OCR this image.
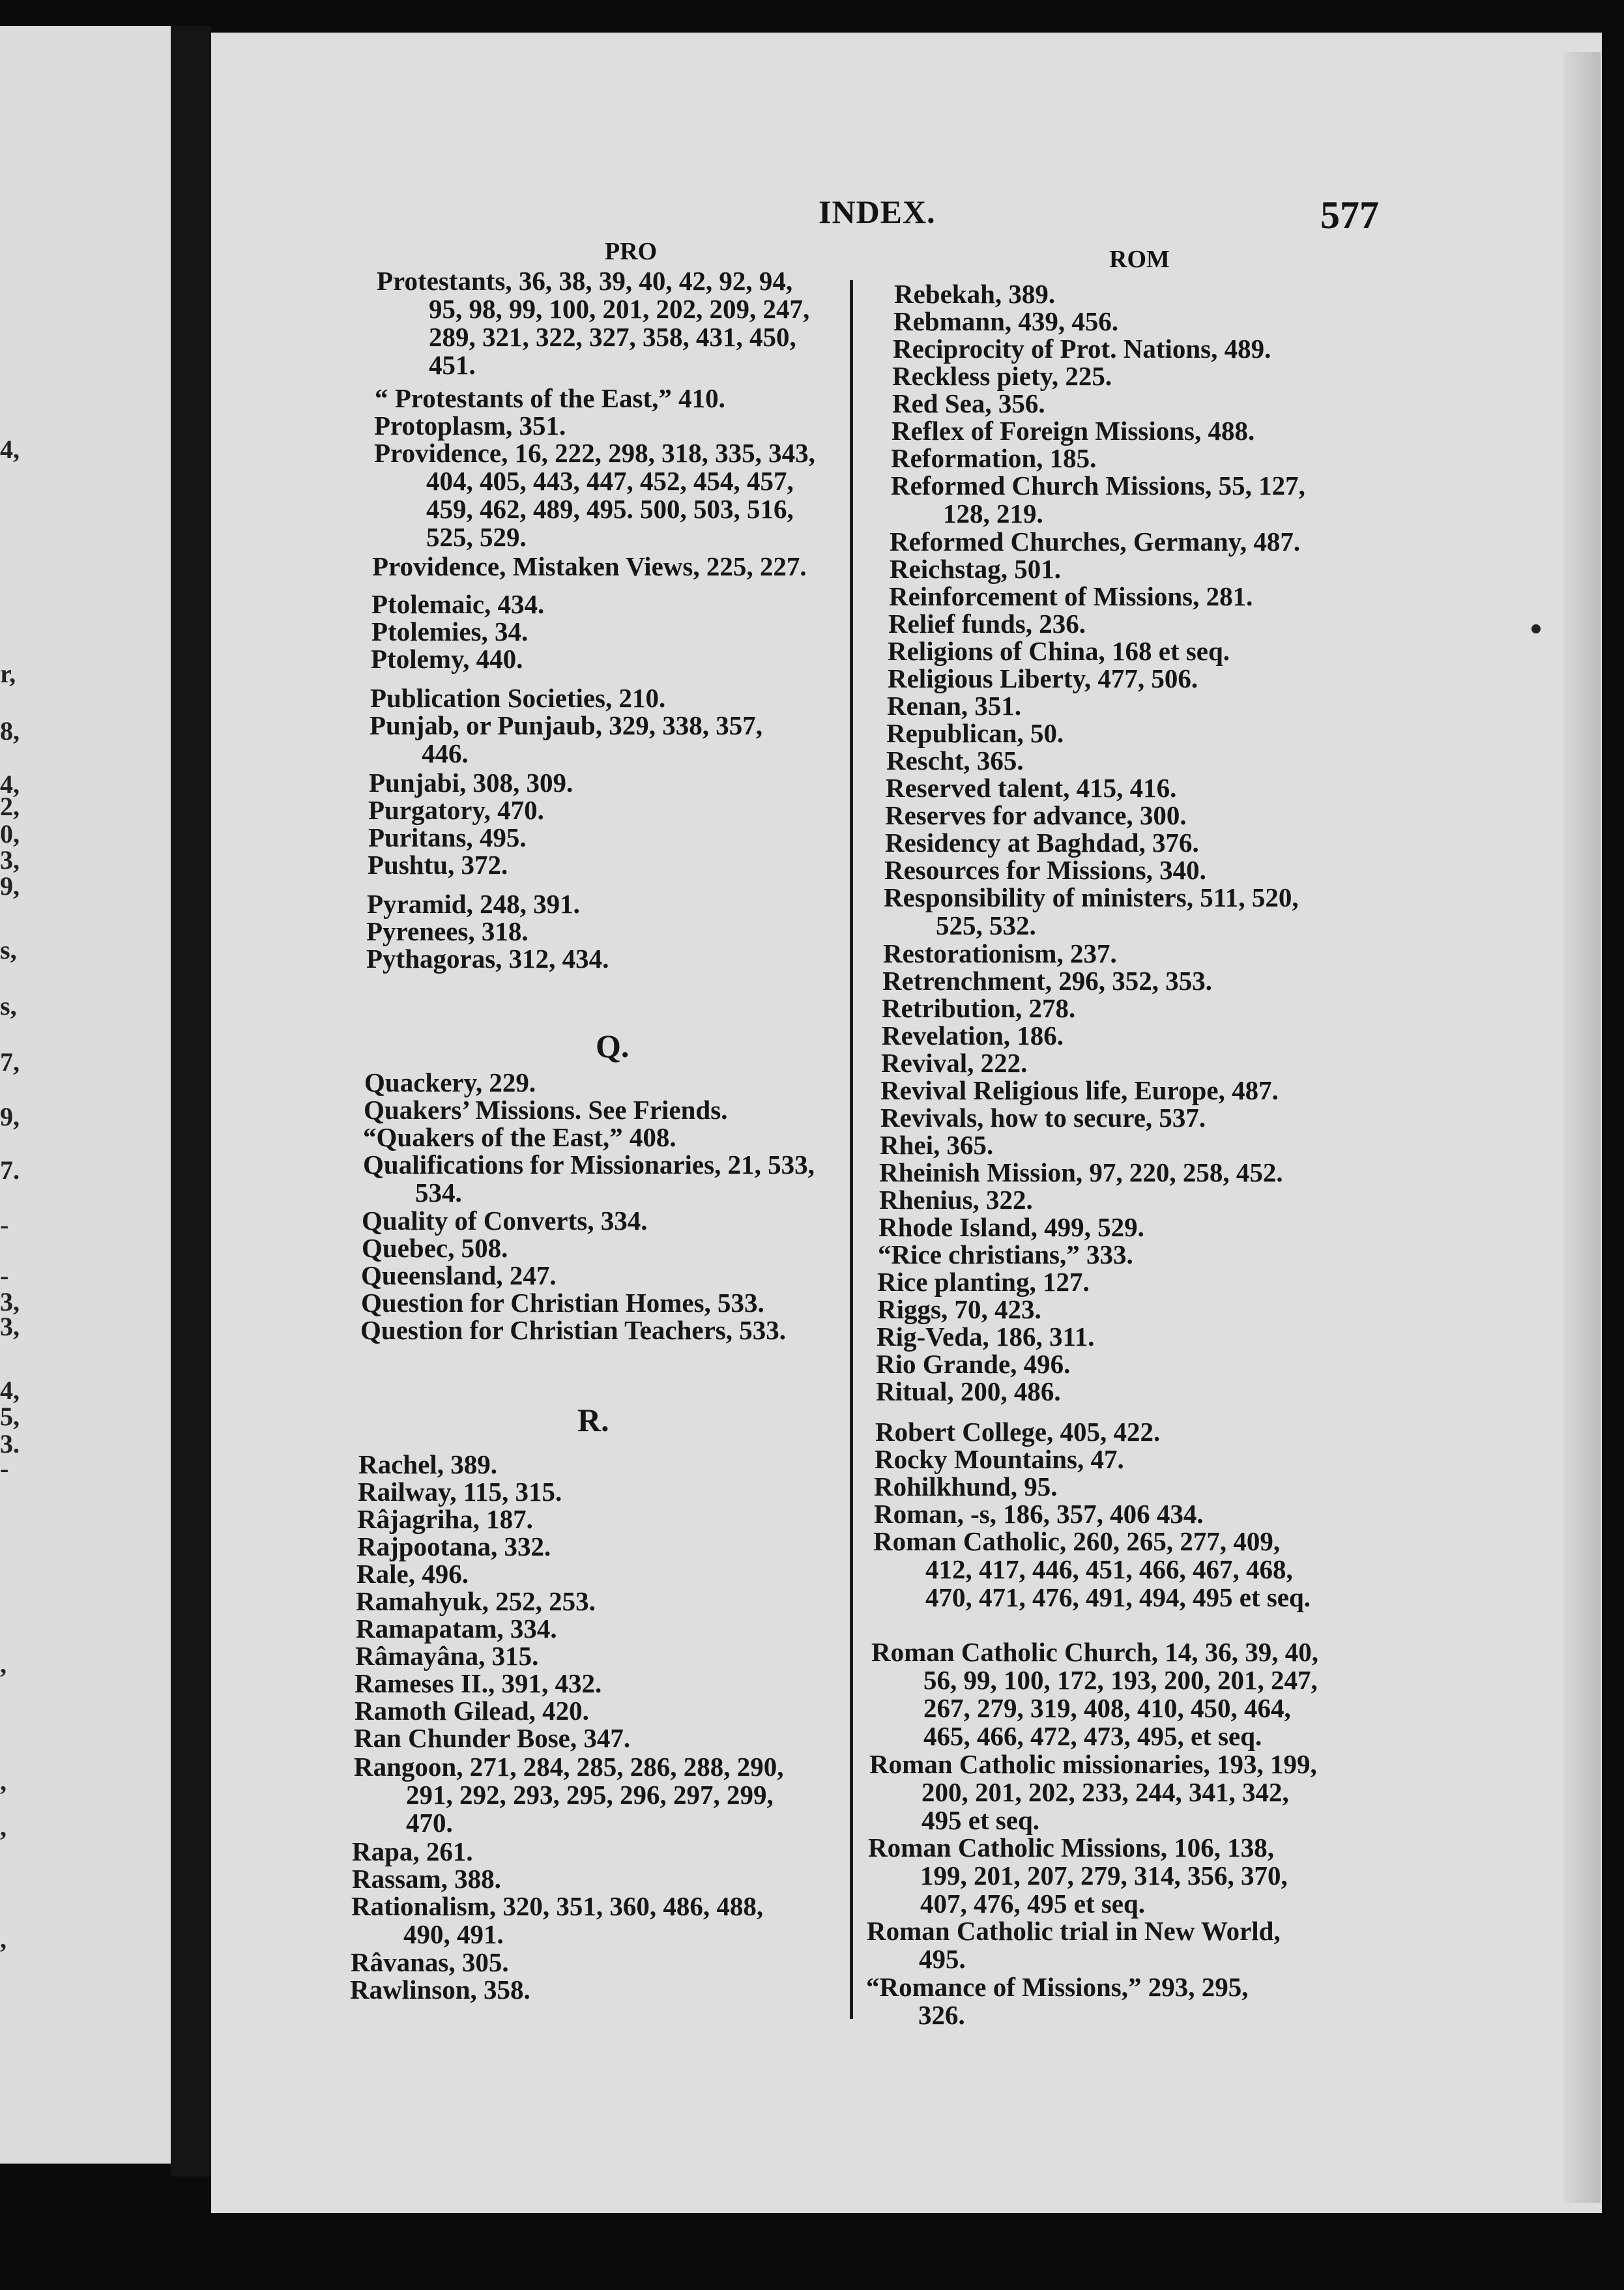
4,
r,
8,
4,
2,
0,
3,
9,
s,
s,
7,
9,
7.
-
-
3,
3,
4,
5,
3.
-
,
,
,
,
INDEX.	577
PRO	ROM
Protestants, 36, 38, 39, 40, 42, 92, 94,
95, 98, 99, 100, 201, 202, 209, 247,
289, 321, 322, 327, 358, 431, 450,
451.
“ Protestants of the East,” 410.
Protoplasm, 351.
Providence, 16, 222, 298, 318, 335, 343,
404, 405, 443, 447, 452, 454, 457,
459, 462, 489, 495. 500, 503, 516,
525, 529.
Providence, Mistaken Views, 225, 227.
Ptolemaic, 434.
Ptolemies, 34.
Ptolemy, 440.
Publication Societies, 210.
Punjab, or Punjaub, 329, 338, 357,
446.
Punjabi, 308, 309.
Purgatory, 470.
Puritans, 495.
Pushtu, 372.
Pyramid, 248, 391.
Pyrenees, 318.
Pythagoras, 312, 434.
Quackery, 229.
Quakers’ Missions. See Friends.
“Quakers of the East,” 408.
Qualifications for Missionaries, 21, 533,
534.
Quality of Converts, 334.
Quebec, 508.
Queensland, 247.
Question for Christian Homes, 533.
Question for Christian Teachers, 533.
Rachel, 389.
Railway, 115, 315.
Râjagriha, 187.
Rajpootana, 332.
Rale, 496.
Ramahyuk, 252, 253.
Ramapatam, 334.
Râmayâna, 315.
Rameses II., 391, 432.
Ramoth Gilead, 420.
Ran Chunder Bose, 347.
Rangoon, 271, 284, 285, 286, 288, 290,
291, 292, 293, 295, 296, 297, 299,
470.
Rapa, 261.
Rassam, 388.
Rationalism, 320, 351, 360, 486, 488,
490, 491.
Râvanas, 305.
Rawlinson, 358.
Rebekah, 389.
Rebmann, 439, 456.
Reciprocity of Prot. Nations, 489.
Reckless piety, 225.
Red Sea, 356.
Reflex of Foreign Missions, 488.
Reformation, 185.
Reformed Church Missions, 55, 127,
128, 219.
Reformed Churches, Germany, 487.
Reichstag, 501.
Reinforcement of Missions, 281.
Relief funds, 236.
Religions of China, 168 et seq.
Religious Liberty, 477, 506.
Renan, 351.
Republican, 50.
Rescht, 365.
Reserved talent, 415, 416.
Reserves for advance, 300.
Residency at Baghdad, 376.
Resources for Missions, 340.
Responsibility of ministers, 511, 520,
525, 532.
Restorationism, 237.
Retrenchment, 296, 352, 353.
Retribution, 278.
Revelation, 186.
Revival, 222.
Revival Religious life, Europe, 487.
Revivals, how to secure, 537.
Rhei, 365.
Rheinish Mission, 97, 220, 258, 452.
Rhenius, 322.
Rhode Island, 499, 529.
“Rice christians,” 333.
Rice planting, 127.
Riggs, 70, 423.
Rig-Veda, 186, 311.
Rio Grande, 496.
Ritual, 200, 486.
Robert College, 405, 422.
Rocky Mountains, 47.
Rohilkhund, 95.
Roman, -s, 186, 357, 406 434.
Roman Catholic, 260, 265, 277, 409,
412, 417, 446, 451, 466, 467, 468,
470, 471, 476, 491, 494, 495 et seq.
Roman Catholic Church, 14, 36, 39, 40,
56, 99, 100, 172, 193, 200, 201, 247,
267, 279, 319, 408, 410, 450, 464,
465, 466, 472, 473, 495, et seq.
Roman Catholic missionaries, 193, 199,
200, 201, 202, 233, 244, 341, 342,
495 et seq.
Roman Catholic Missions, 106, 138,
199, 201, 207, 279, 314, 356, 370,
407, 476, 495 et seq.
Roman Catholic trial in New World,
495.
“Romance of Missions,” 293, 295,
326.
Q.
R.
